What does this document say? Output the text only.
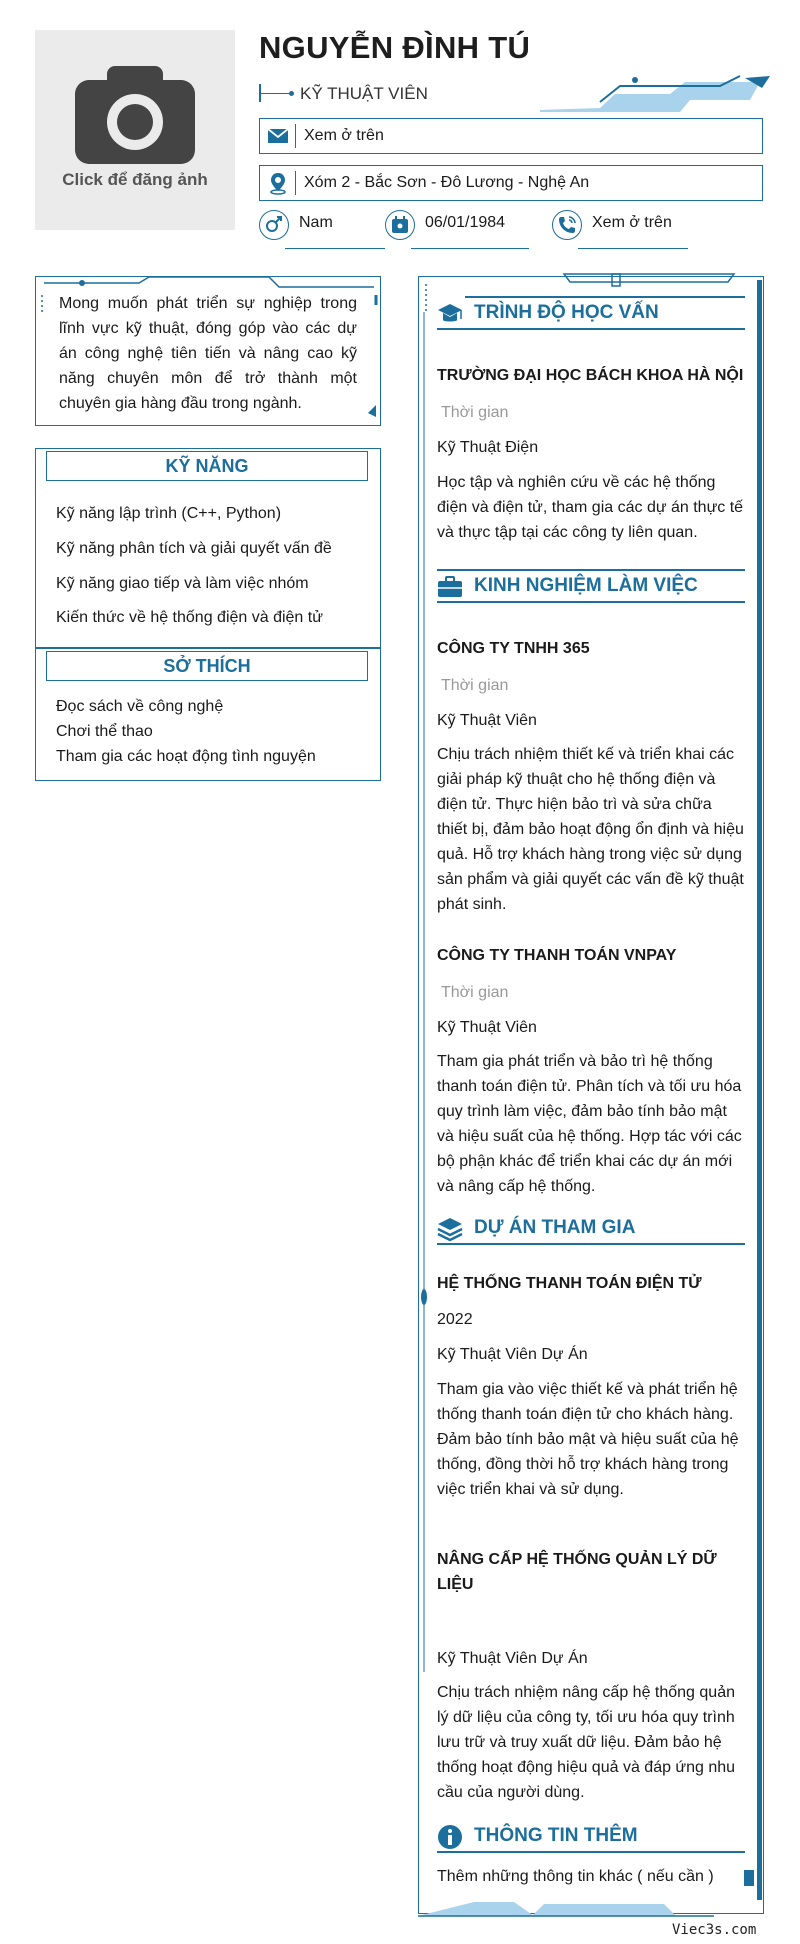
Click để đăng ảnh
NGUYỄN ĐÌNH TÚ
KỸ THUẬT VIÊN
Xem ở trên
Xóm 2 - Bắc Sơn - Đô Lương - Nghệ An
Nam	06/01/1984	Xem ở trên
Mong muốn phát triển sự nghiệp trong lĩnh vực kỹ thuật, đóng góp vào các dự án công nghệ tiên tiến và nâng cao kỹ năng chuyên môn để trở thành một chuyên gia hàng đầu trong ngành.
KỸ NĂNG
Kỹ năng lập trình (C++, Python)
Kỹ năng phân tích và giải quyết vấn đề
Kỹ năng giao tiếp và làm việc nhóm
Kiến thức về hệ thống điện và điện tử
SỞ THÍCH
Đọc sách về công nghệ
Chơi thể thao
Tham gia các hoạt động tình nguyện
TRÌNH ĐỘ HỌC VẤN
TRƯỜNG ĐẠI HỌC BÁCH KHOA HÀ NỘI
Thời gian
Kỹ Thuật Điện
Học tập và nghiên cứu về các hệ thống điện và điện tử, tham gia các dự án thực tế và thực tập tại các công ty liên quan.
KINH NGHIỆM LÀM VIỆC
CÔNG TY TNHH 365
Thời gian
Kỹ Thuật Viên
Chịu trách nhiệm thiết kế và triển khai các giải pháp kỹ thuật cho hệ thống điện và điện tử. Thực hiện bảo trì và sửa chữa thiết bị, đảm bảo hoạt động ổn định và hiệu quả. Hỗ trợ khách hàng trong việc sử dụng sản phẩm và giải quyết các vấn đề kỹ thuật phát sinh.
CÔNG TY THANH TOÁN VNPAY
Thời gian
Kỹ Thuật Viên
Tham gia phát triển và bảo trì hệ thống thanh toán điện tử. Phân tích và tối ưu hóa quy trình làm việc, đảm bảo tính bảo mật và hiệu suất của hệ thống. Hợp tác với các bộ phận khác để triển khai các dự án mới và nâng cấp hệ thống.
DỰ ÁN THAM GIA
HỆ THỐNG THANH TOÁN ĐIỆN TỬ
2022
Kỹ Thuật Viên Dự Án
Tham gia vào việc thiết kế và phát triển hệ thống thanh toán điện tử cho khách hàng. Đảm bảo tính bảo mật và hiệu suất của hệ thống, đồng thời hỗ trợ khách hàng trong việc triển khai và sử dụng.
NÂNG CẤP HỆ THỐNG QUẢN LÝ DỮ LIỆU
Kỹ Thuật Viên Dự Án
Chịu trách nhiệm nâng cấp hệ thống quản lý dữ liệu của công ty, tối ưu hóa quy trình lưu trữ và truy xuất dữ liệu. Đảm bảo hệ thống hoạt động hiệu quả và đáp ứng nhu cầu của người dùng.
THÔNG TIN THÊM
Thêm những thông tin khác ( nếu cần )
Viec3s.com
